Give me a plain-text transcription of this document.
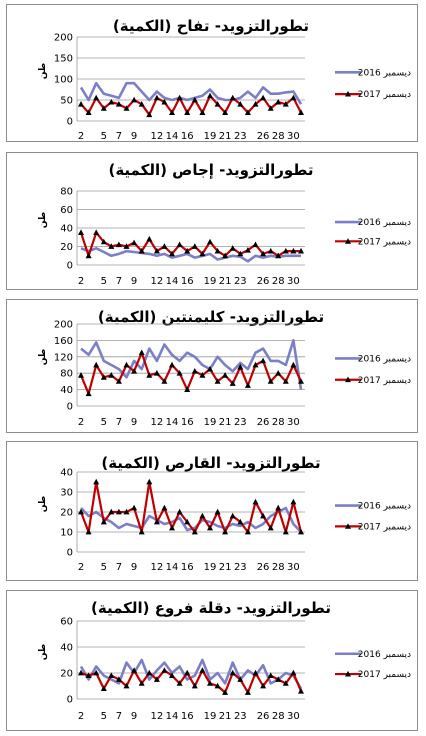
تطورالتزويد- تفاح (الكمية)
0
50
100
150
200
طن
2 5 7 9 12 14 16 19 21 23 26 28 30
ديسمبر 2016
ديسمبر 2017
تطورالتزويد- إجاص (الكمية)
0
20
40
60
80
طن
2 5 7 9 12 14 16 19 21 23 26 28 30
ديسمبر 2016
ديسمبر 2017
تطورالتزويد- كليمنتين (الكمية)
0
40
80
120
160
200
طن
2 5 7 9 12 14 16 19 21 23 26 28 30
ديسمبر 2016
ديسمبر 2017
تطورالتزويد- القارص (الكمية)
0
10
20
30
40
طن
2 5 7 9 12 14 16 19 21 23 26 28 30
ديسمبر 2016
ديسمبر 2017
تطورالتزويد- دقلة فروع (الكمية)
0
20
40
60
طن
2 5 7 9 12 14 16 19 21 23 26 28 30
ديسمبر 2016
ديسمبر 2017
